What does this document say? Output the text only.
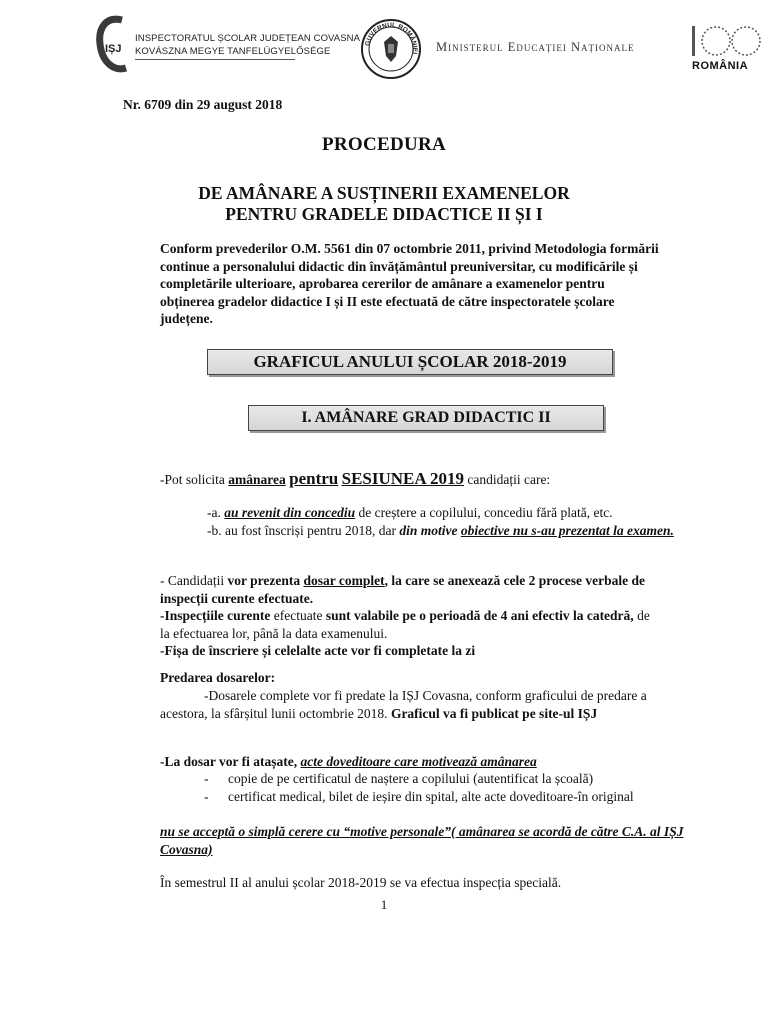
IȘJ
INSPECTORATUL ȘCOLAR JUDEȚEAN COVASNA
KOVÁSZNA MEGYE TANFELÜGYELŐSÉGE
GUVERNUL ROMÂNIEI Ministerul Educației Naționale
ROMÂNIA
Nr. 6709 din 29 august 2018
PROCEDURA
DE AMÂNARE A SUSȚINERII EXAMENELOR
PENTRU GRADELE DIDACTICE II ȘI I
Conform prevederilor O.M. 5561 din 07 octombrie 2011, privind Metodologia formării continue a personalului didactic din învățământul preuniversitar, cu modificările și completările ulterioare, aprobarea cererilor de amânare a examenelor pentru obținerea gradelor didactice I și II este efectuată de către inspectoratele școlare județene.
GRAFICUL ANULUI ȘCOLAR 2018-2019
I. AMÂNARE GRAD DIDACTIC II
-Pot solicita amânarea pentru SESIUNEA 2019 candidații care:
-a. au revenit din concediu de creștere a copilului, concediu fără plată, etc.
-b. au fost înscriși pentru 2018, dar din motive obiective nu s-au prezentat la examen.
- Candidații vor prezenta dosar complet, la care se anexează cele 2 procese verbale de inspecții curente efectuate.
-Inspecțiile curente efectuate sunt valabile pe o perioadă de 4 ani efectiv la catedră, de la efectuarea lor, până la data examenului.
-Fișa de înscriere și celelalte acte vor fi completate la zi
Predarea dosarelor:
-Dosarele complete vor fi predate la IȘJ Covasna, conform graficului de predare a acestora, la sfârșitul lunii octombrie 2018. Graficul va fi publicat pe site-ul IȘJ
-La dosar vor fi atașate, acte doveditoare care motivează amânarea
-	copie de pe certificatul de naștere a copilului (autentificat la școală)
-	certificat medical, bilet de ieșire din spital, alte acte doveditoare-în original
nu se acceptă o simplă cerere cu “motive personale”( amânarea se acordă de către C.A. al IȘJ Covasna)
În semestrul II al anului școlar 2018-2019 se va efectua inspecția specială.
1
